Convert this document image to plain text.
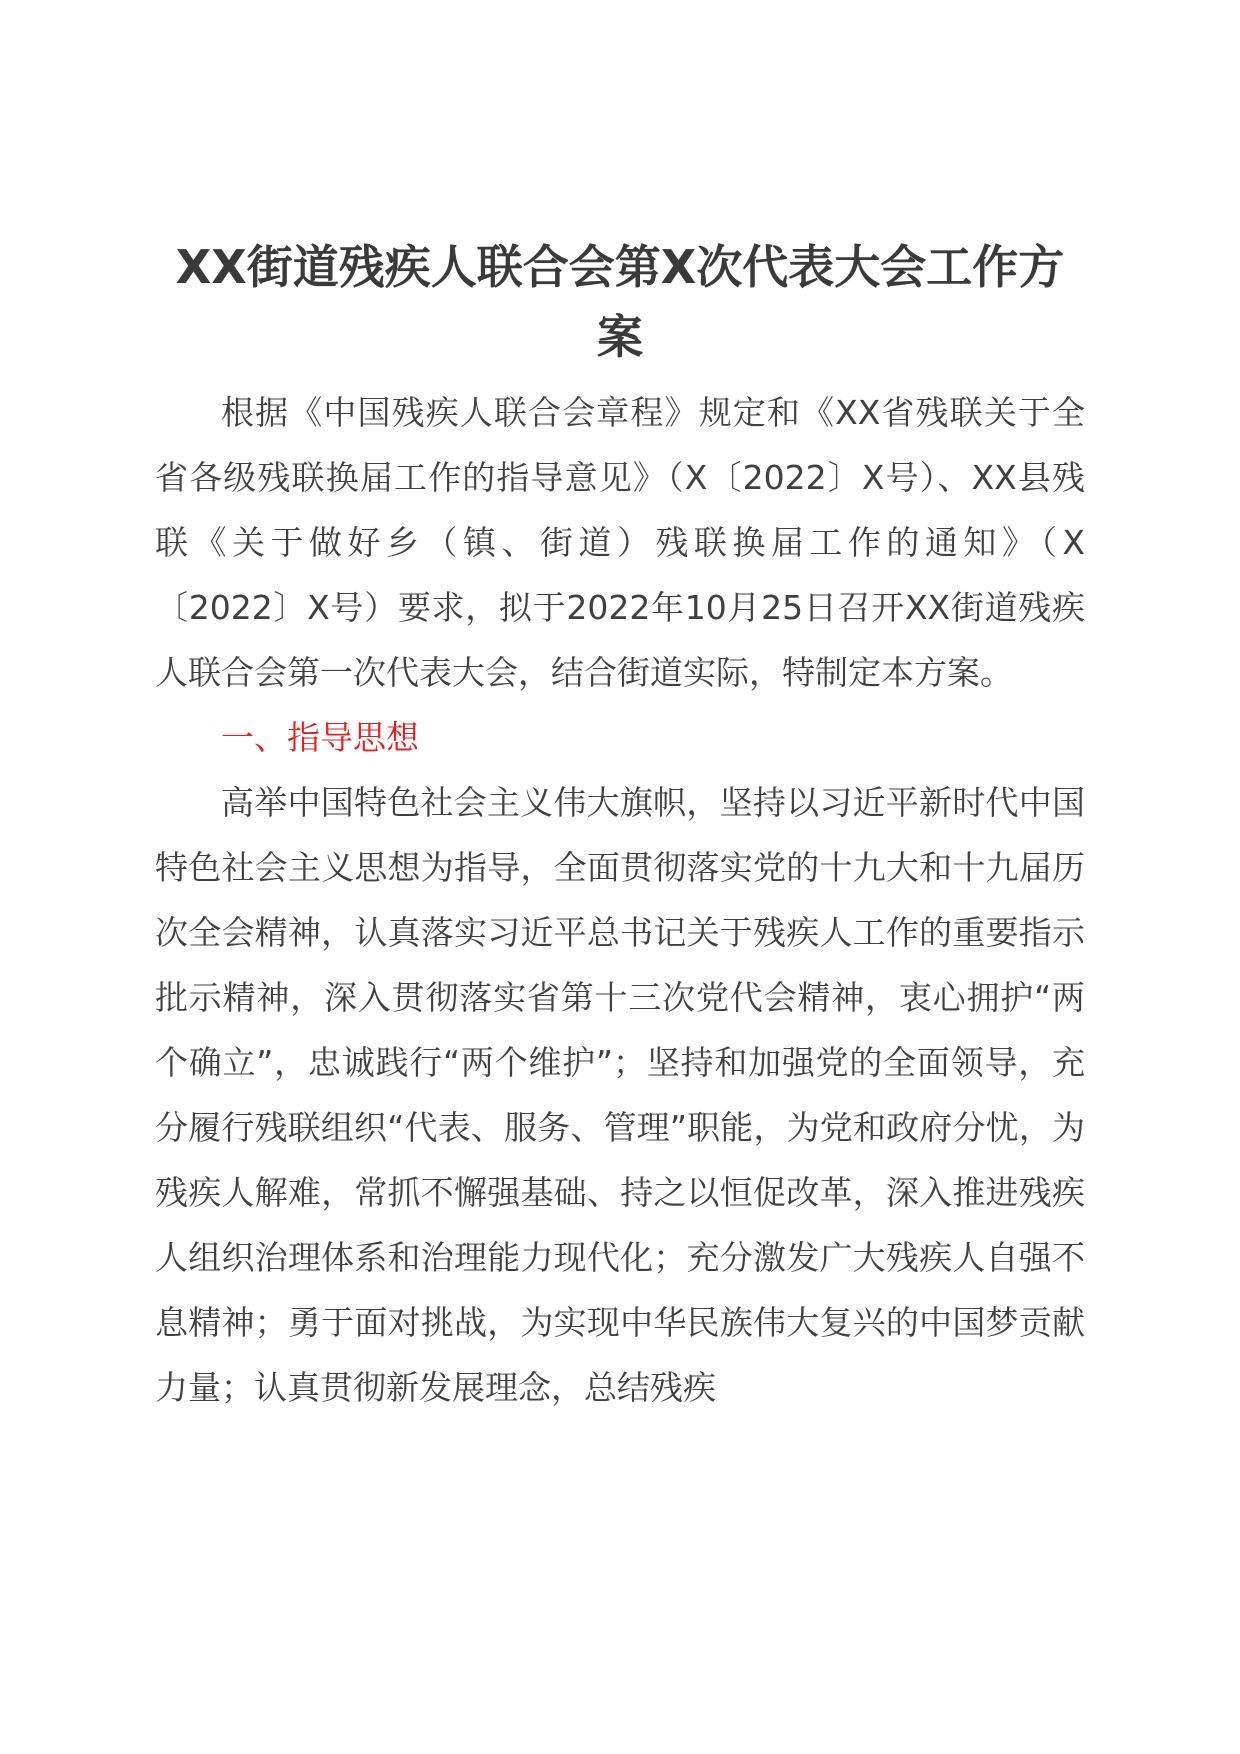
XX街道残疾人联合会第X次代表大会工作方案

根据《中国残疾人联合会章程》规定和《XX省残联关于全省各级残联换届工作的指导意见》（X〔2022〕X号）、XX县残联《关于做好乡（镇、街道）残联换届工作的通知》（X〔2022〕X号）要求，拟于2022年10月25日召开XX街道残疾人联合会第一次代表大会，结合街道实际，特制定本方案。

一、指导思想

高举中国特色社会主义伟大旗帜，坚持以习近平新时代中国特色社会主义思想为指导，全面贯彻落实党的十九大和十九届历次全会精神，认真落实习近平总书记关于残疾人工作的重要指示批示精神，深入贯彻落实省第十三次党代会精神，衷心拥护“两个确立”，忠诚践行“两个维护”；坚持和加强党的全面领导，充分履行残联组织“代表、服务、管理”职能，为党和政府分忧，为残疾人解难，常抓不懈强基础、持之以恒促改革，深入推进残疾人组织治理体系和治理能力现代化；充分激发广大残疾人自强不息精神；勇于面对挑战，为实现中华民族伟大复兴的中国梦贡献力量；认真贯彻新发展理念，总结残疾
